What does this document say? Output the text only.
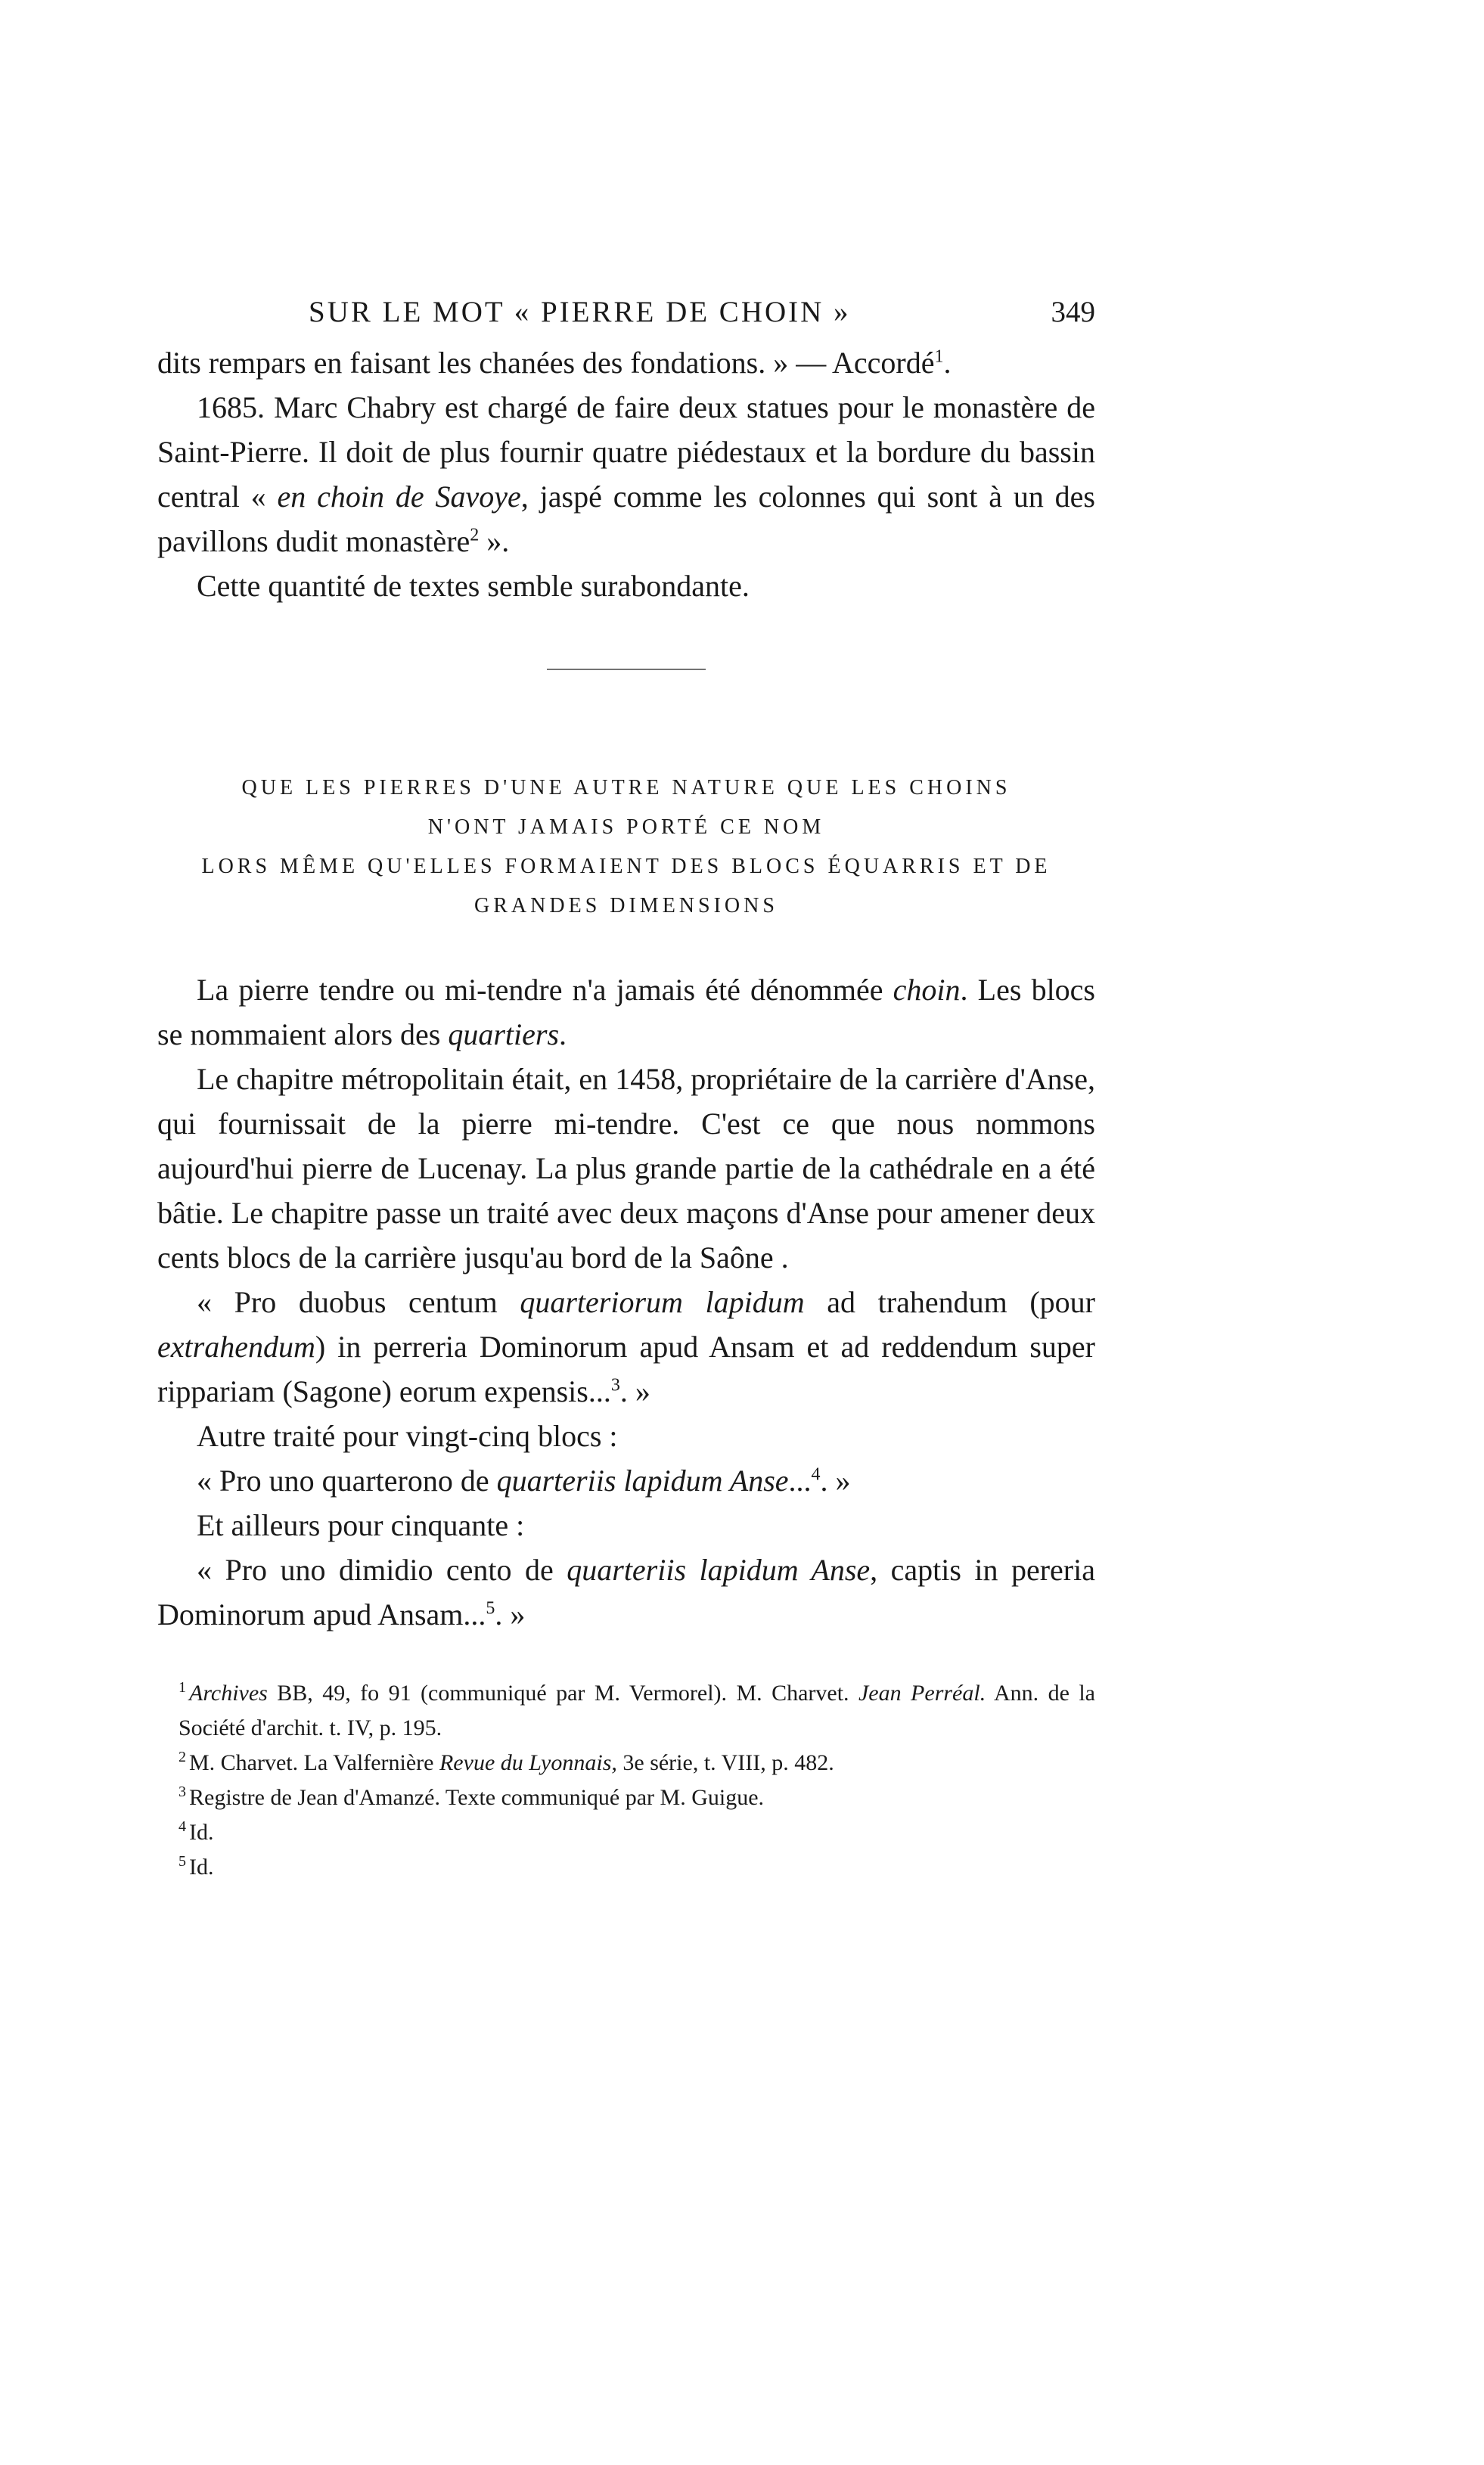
SUR LE MOT « PIERRE DE CHOIN »	349

dits rempars en faisant les chanées des fondations. » — Accordé$^1$.

1685. Marc Chabry est chargé de faire deux statues pour le monastère de Saint-Pierre. Il doit de plus fournir quatre piédestaux et la bordure du bassin central « en choin de Savoye, jaspé comme les colonnes qui sont à un des pavillons dudit monastère$^2$ ».

Cette quantité de textes semble surabondante.

QUE LES PIERRES D'UNE AUTRE NATURE QUE LES CHOINS
N'ONT JAMAIS PORTÉ CE NOM
LORS MÊME QU'ELLES FORMAIENT DES BLOCS ÉQUARRIS ET DE
GRANDES DIMENSIONS

La pierre tendre ou mi-tendre n'a jamais été dénommée choin. Les blocs se nommaient alors des quartiers.

Le chapitre métropolitain était, en 1458, propriétaire de la carrière d'Anse, qui fournissait de la pierre mi-tendre. C'est ce que nous nommons aujourd'hui pierre de Lucenay. La plus grande partie de la cathédrale en a été bâtie. Le chapitre passe un traité avec deux maçons d'Anse pour amener deux cents blocs de la carrière jusqu'au bord de la Saône .

« Pro duobus centum quarteriorum lapidum ad trahendum (pour extrahendum) in perreria Dominorum apud Ansam et ad reddendum super rippariam (Sagone) eorum expensis...$^3$. »

Autre traité pour vingt-cinq blocs :

« Pro uno quarterono de quarteriis lapidum Anse...$^4$. »

Et ailleurs pour cinquante :

« Pro uno dimidio cento de quarteriis lapidum Anse, captis in pereria Dominorum apud Ansam...$^5$. »

$^1$ Archives BB, 49, fo 91 (communiqué par M. Vermorel). M. Charvet. Jean Perréal. Ann. de la Société d'archit. t. IV, p. 195.
$^2$ M. Charvet. La Valfernière Revue du Lyonnais, 3e série, t. VIII, p. 482.
$^3$ Registre de Jean d'Amanzé. Texte communiqué par M. Guigue.
$^4$ Id.
$^5$ Id.
